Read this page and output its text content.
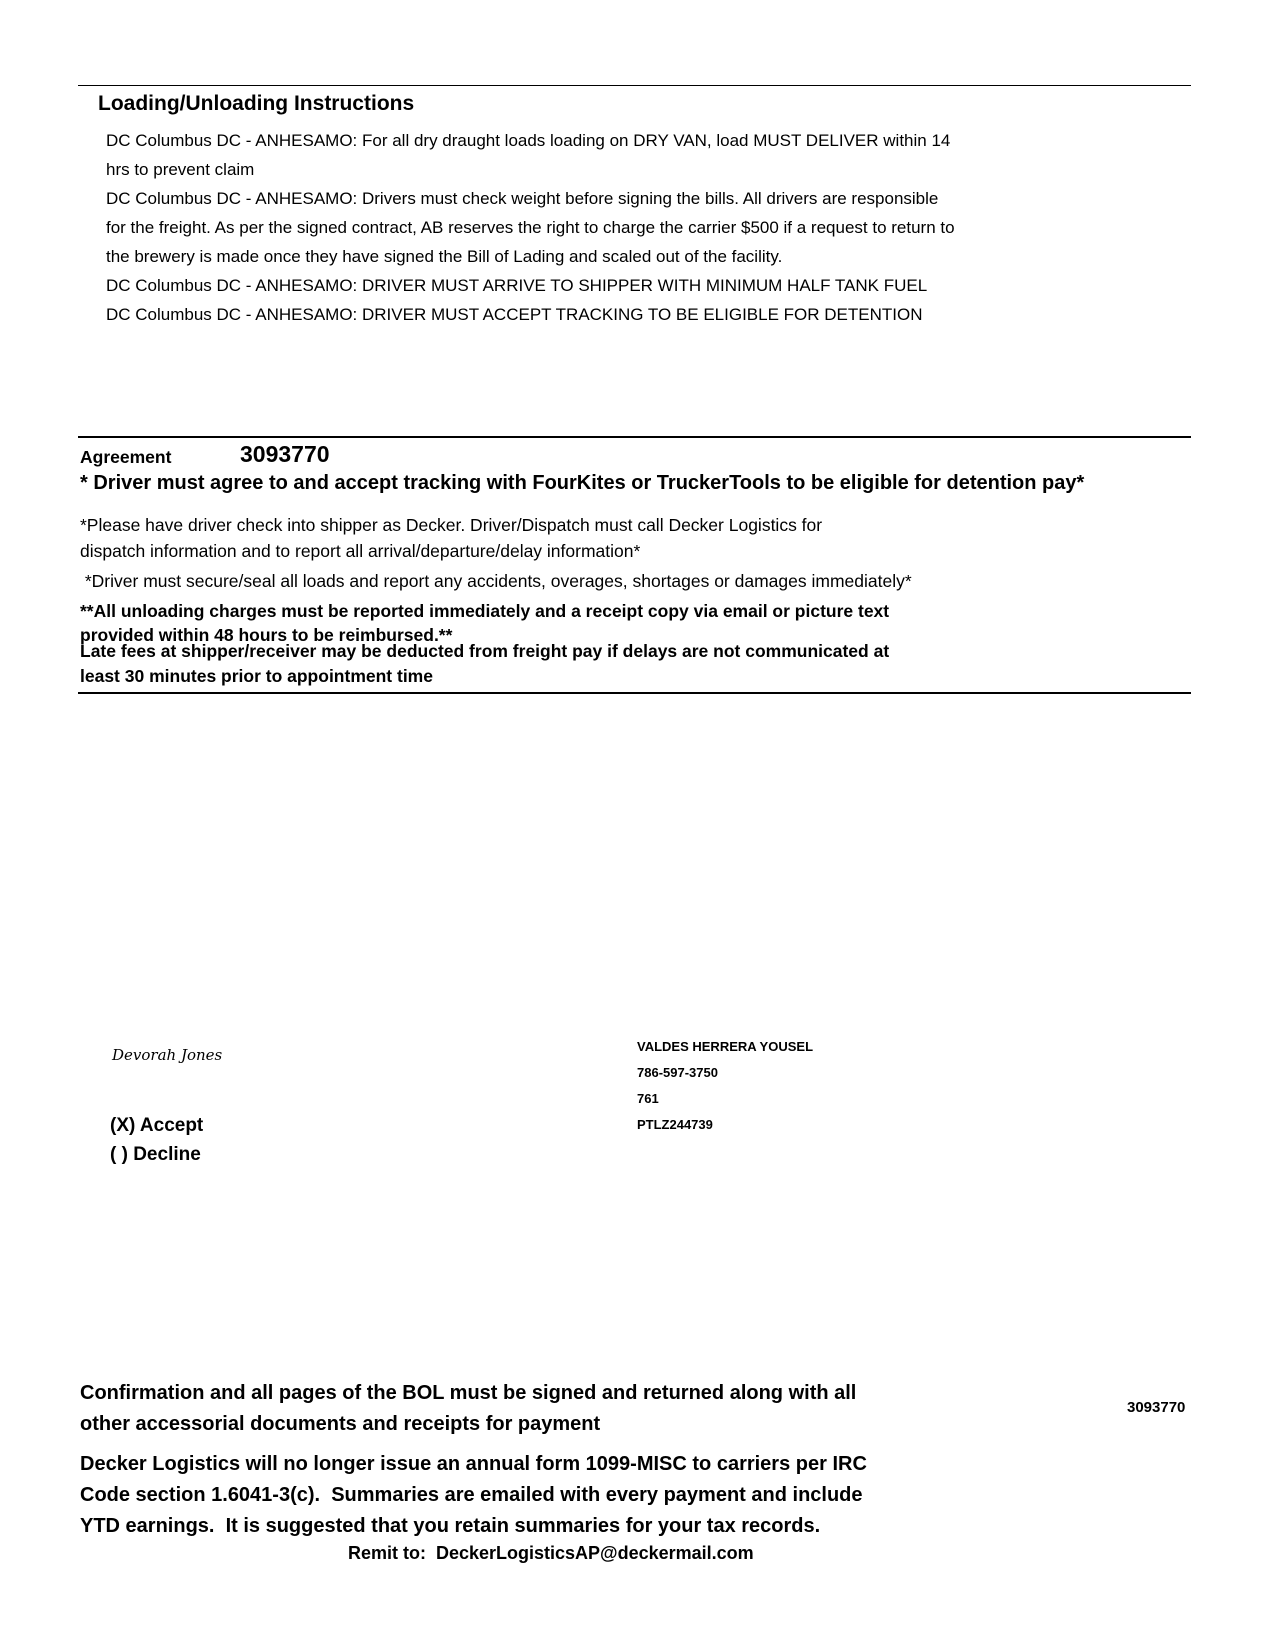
Loading/Unloading Instructions
DC Columbus DC - ANHESAMO: For all dry draught loads loading on DRY VAN, load MUST DELIVER within 14
hrs to prevent claim
DC Columbus DC - ANHESAMO: Drivers must check weight before signing the bills. All drivers are responsible
for the freight. As per the signed contract, AB reserves the right to charge the carrier $500 if a request to return to
the brewery is made once they have signed the Bill of Lading and scaled out of the facility.
DC Columbus DC - ANHESAMO: DRIVER MUST ARRIVE TO SHIPPER WITH MINIMUM HALF TANK FUEL
DC Columbus DC - ANHESAMO: DRIVER MUST ACCEPT TRACKING TO BE ELIGIBLE FOR DETENTION
Agreement	3093770
* Driver must agree to and accept tracking with FourKites or TruckerTools to be eligible for detention pay*
*Please have driver check into shipper as Decker. Driver/Dispatch must call Decker Logistics for
dispatch information and to report all arrival/departure/delay information*
*Driver must secure/seal all loads and report any accidents, overages, shortages or damages immediately*
**All unloading charges must be reported immediately and a receipt copy via email or picture text
provided within 48 hours to be reimbursed.**
Late fees at shipper/receiver may be deducted from freight pay if delays are not communicated at
least 30 minutes prior to appointment time
Devorah Jones
(X) Accept
( ) Decline
VALDES HERRERA YOUSEL
786-597-3750
761
PTLZ244739
Confirmation and all pages of the BOL must be signed and returned along with all
other accessorial documents and receipts for payment
3093770
Decker Logistics will no longer issue an annual form 1099-MISC to carriers per IRC
Code section 1.6041-3(c).  Summaries are emailed with every payment and include
YTD earnings.  It is suggested that you retain summaries for your tax records.
Remit to:  DeckerLogisticsAP@deckermail.com
